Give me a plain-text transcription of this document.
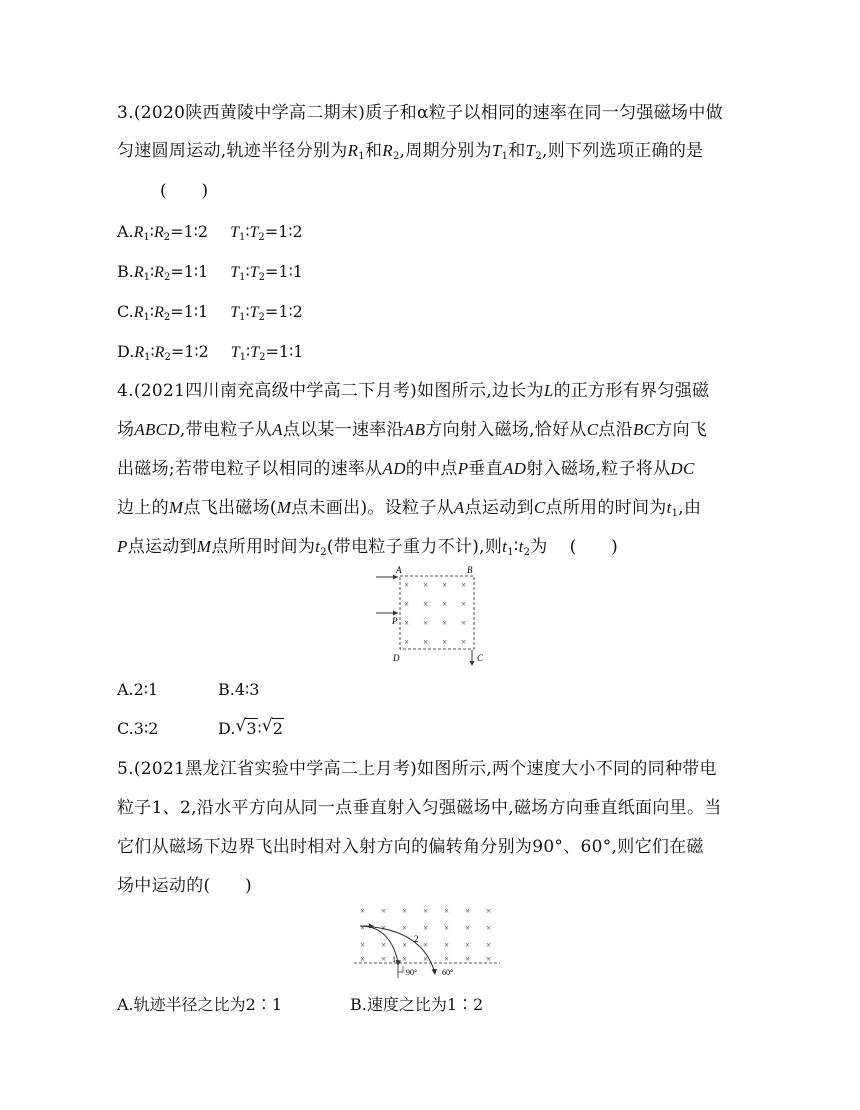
3.(2020陕西黄陵中学高二期末)质子和α粒子以相同的速率在同一匀强磁场中做
匀速圆周运动,轨迹半径分别为$R_1$和$R_2$,周期分别为$T_1$和$T_2$,则下列选项正确的是
(　　)
$A.R_1∶R_2=1∶2$ $T_1∶T_2=1∶2$
$B.R_1∶R_2=1∶1$ $T_1∶T_2=1∶1$
$C.R_1∶R_2=1∶1$ $T_1∶T_2=1∶2$
$D.R_1∶R_2=1∶2$ $T_1∶T_2=1∶1$
4.(2021四川南充高级中学高二下月考)如图所示,边长为L的正方形有界匀强磁
场ABCD,带电粒子从A点以某一速率沿AB方向射入磁场,恰好从C点沿BC方向飞
出磁场;若带电粒子以相同的速率从AD的中点P垂直AD射入磁场,粒子将从DC
边上的M点飞出磁场(M点未画出)。设粒子从A点运动到C点所用的时间为$t_1$,由
P点运动到M点所用时间为$t_2$(带电粒子重力不计),则$t_1∶t_2$为 (　　)
A	B
D	C
P
× × × ×
× × × ×
× × × ×
× × × ×
A.2∶1	B.4∶3
C.3∶2	D. √ 3∶ √ 2
5.(2021黑龙江省实验中学高二上月考)如图所示,两个速度大小不同的同种带电
粒子1、2,沿水平方向从同一点垂直射入匀强磁场中,磁场方向垂直纸面向里。当
它们从磁场下边界飞出时相对入射方向的偏转角分别为90°、60°,则它们在磁
场中运动的(　　)
× × × × × × ×
× × × × × × ×
× × × × × × ×
× × × × × × ×
1
2
90°	60°
A.轨迹半径之比为2∶1	B.速度之比为1∶2
